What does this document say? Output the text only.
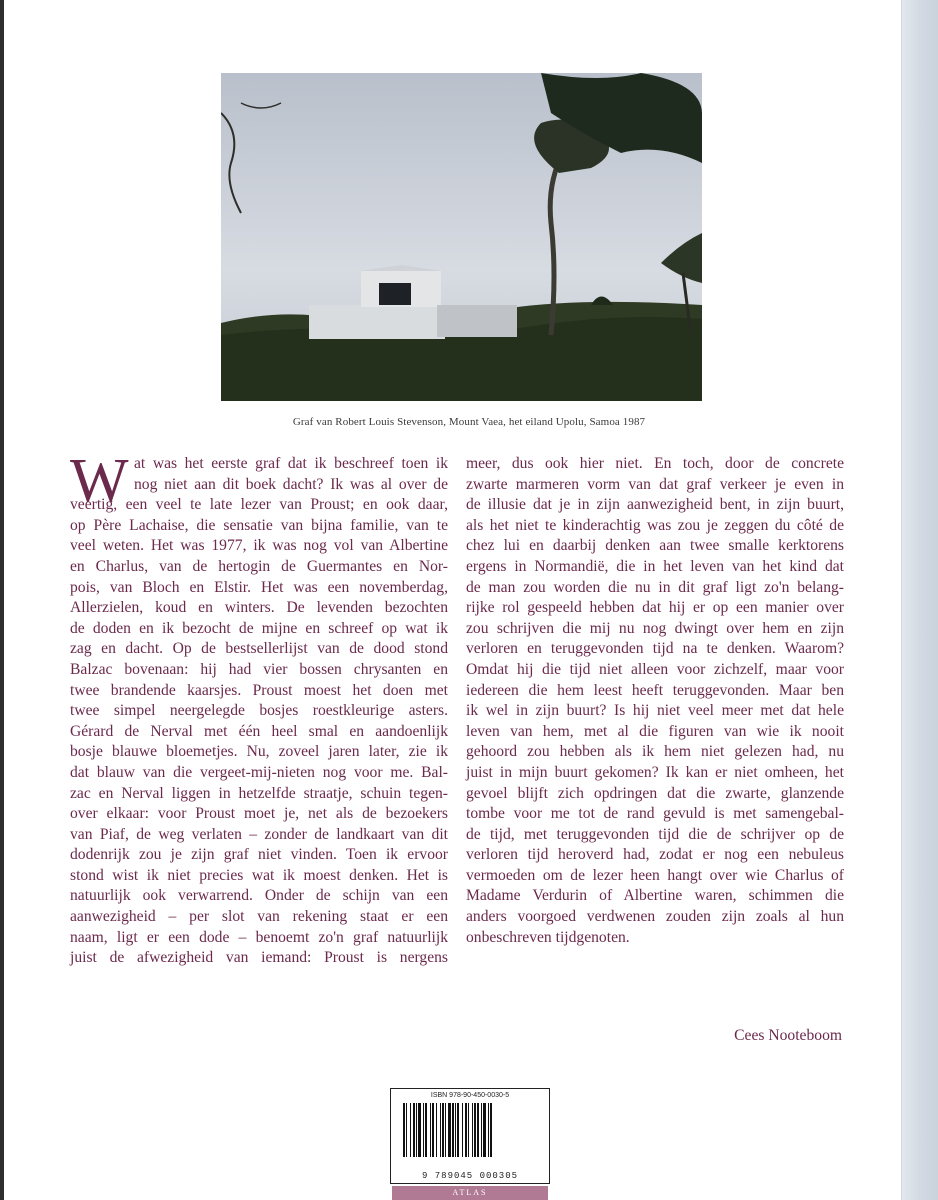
Graf van Robert Louis Stevenson, Mount Vaea, het eiland Upolu, Samoa 1987
W at was het eerste graf dat ik beschreef toen ik
nog niet aan dit boek dacht? Ik was al over de
veertig, een veel te late lezer van Proust; en ook daar,
op Père Lachaise, die sensatie van bijna familie, van te
veel weten. Het was 1977, ik was nog vol van Albertine
en Charlus, van de hertogin de Guermantes en Nor-
pois, van Bloch en Elstir. Het was een novemberdag,
Allerzielen, koud en winters. De levenden bezochten
de doden en ik bezocht de mijne en schreef op wat ik
zag en dacht. Op de bestsellerlijst van de dood stond
Balzac bovenaan: hij had vier bossen chrysanten en
twee brandende kaarsjes. Proust moest het doen met
twee simpel neergelegde bosjes roestkleurige asters.
Gérard de Nerval met één heel smal en aandoenlijk
bosje blauwe bloemetjes. Nu, zoveel jaren later, zie ik
dat blauw van die vergeet-mij-nieten nog voor me. Bal-
zac en Nerval liggen in hetzelfde straatje, schuin tegen-
over elkaar: voor Proust moet je, net als de bezoekers
van Piaf, de weg verlaten – zonder de landkaart van dit
dodenrijk zou je zijn graf niet vinden. Toen ik ervoor
stond wist ik niet precies wat ik moest denken. Het is
natuurlijk ook verwarrend. Onder de schijn van een
aanwezigheid – per slot van rekening staat er een
naam, ligt er een dode – benoemt zo'n graf natuurlijk
juist de afwezigheid van iemand: Proust is nergens
meer, dus ook hier niet. En toch, door de concrete
zwarte marmeren vorm van dat graf verkeer je even in
de illusie dat je in zijn aanwezigheid bent, in zijn buurt,
als het niet te kinderachtig was zou je zeggen du côté de
chez lui en daarbij denken aan twee smalle kerktorens
ergens in Normandië, die in het leven van het kind dat
de man zou worden die nu in dit graf ligt zo'n belang-
rijke rol gespeeld hebben dat hij er op een manier over
zou schrijven die mij nu nog dwingt over hem en zijn
verloren en teruggevonden tijd na te denken. Waarom?
Omdat hij die tijd niet alleen voor zichzelf, maar voor
iedereen die hem leest heeft teruggevonden. Maar ben
ik wel in zijn buurt? Is hij niet veel meer met dat hele
leven van hem, met al die figuren van wie ik nooit
gehoord zou hebben als ik hem niet gelezen had, nu
juist in mijn buurt gekomen? Ik kan er niet omheen, het
gevoel blijft zich opdringen dat die zwarte, glanzende
tombe voor me tot de rand gevuld is met samengebal-
de tijd, met teruggevonden tijd die de schrijver op de
verloren tijd heroverd had, zodat er nog een nebuleus
vermoeden om de lezer heen hangt over wie Charlus of
Madame Verdurin of Albertine waren, schimmen die
anders voorgoed verdwenen zouden zijn zoals al hun
onbeschreven tijdgenoten.
Cees Nooteboom
ISBN 978-90-450-0030-5
9 789045 000305
ATLAS
